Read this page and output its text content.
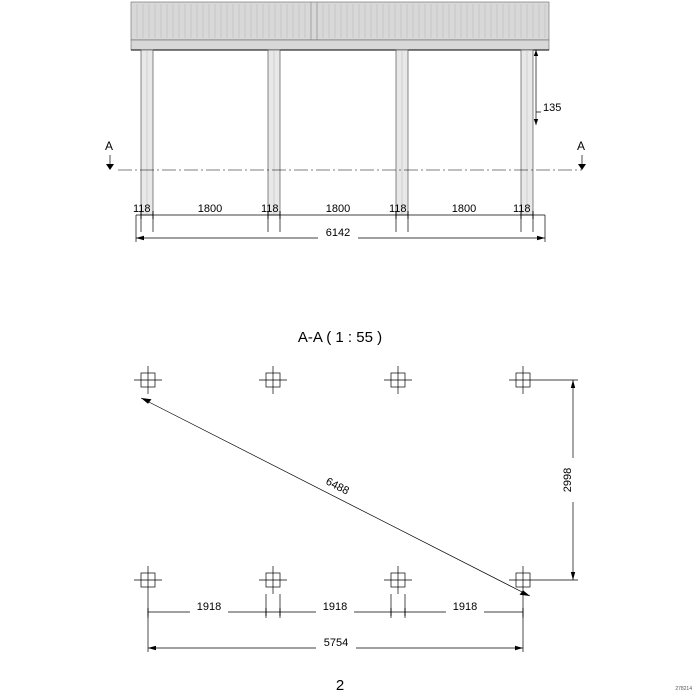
135
A	A
118	1800	118	1800	118	1800	118
6142
A-A ( 1 : 55 )
6488	2998
1918	1918	1918
5754
2	278214
